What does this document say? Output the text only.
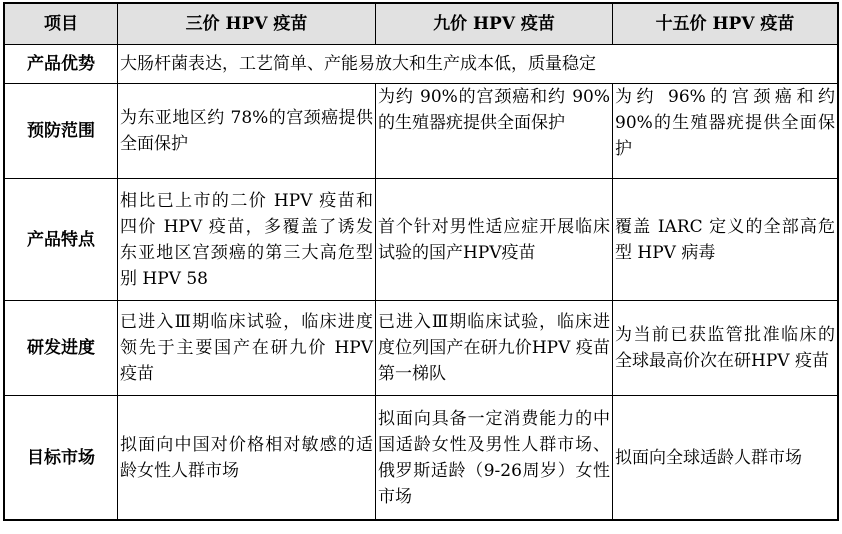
项目	三价 HPV 疫苗	九价 HPV 疫苗	十五价 HPV 疫苗
产品优势	大肠杆菌表达，工艺简单、产能易放大和生产成本低，质量稳定		
预防范围	为东亚地区约 78%的宫颈癌提供全面保护	为约 90%的宫颈癌和约 90%的生殖器疣提供全面保护	为约 96%的宫颈癌和约 90%的生殖器疣提供全面保护
产品特点	相比已上市的二价 HPV 疫苗和四价 HPV 疫苗，多覆盖了诱发东亚地区宫颈癌的第三大高危型别 HPV 58	首个针对男性适应症开展临床试验的国产HPV疫苗	覆盖 IARC 定义的全部高危型 HPV 病毒
研发进度	已进入Ⅲ期临床试验，临床进度领先于主要国产在研九价 HPV 疫苗	已进入Ⅲ期临床试验，临床进度位列国产在研九价HPV 疫苗第一梯队	为当前已获监管批准临床的全球最高价次在研HPV 疫苗
目标市场	拟面向中国对价格相对敏感的适龄女性人群市场	拟面向具备一定消费能力的中国适龄女性及男性人群市场、俄罗斯适龄（9-26周岁）女性市场	拟面向全球适龄人群市场
